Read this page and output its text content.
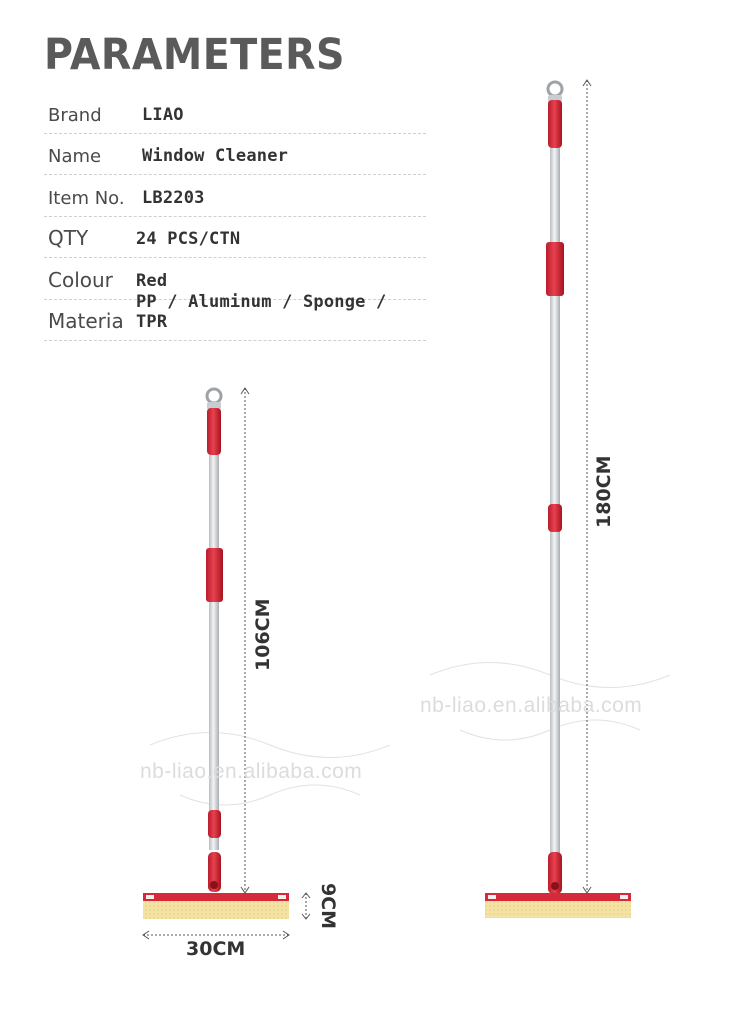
PARAMETERS
Brand LIAO
Name Window Cleaner
Item No. LB2203
QTY	24 PCS/CTN
Colour Red
Materia
PP / Aluminum / Sponge / TPR
nb-liao.en.alibaba.com
nb-liao.en.alibaba.com
106CM
180CM
30CM
9CM
